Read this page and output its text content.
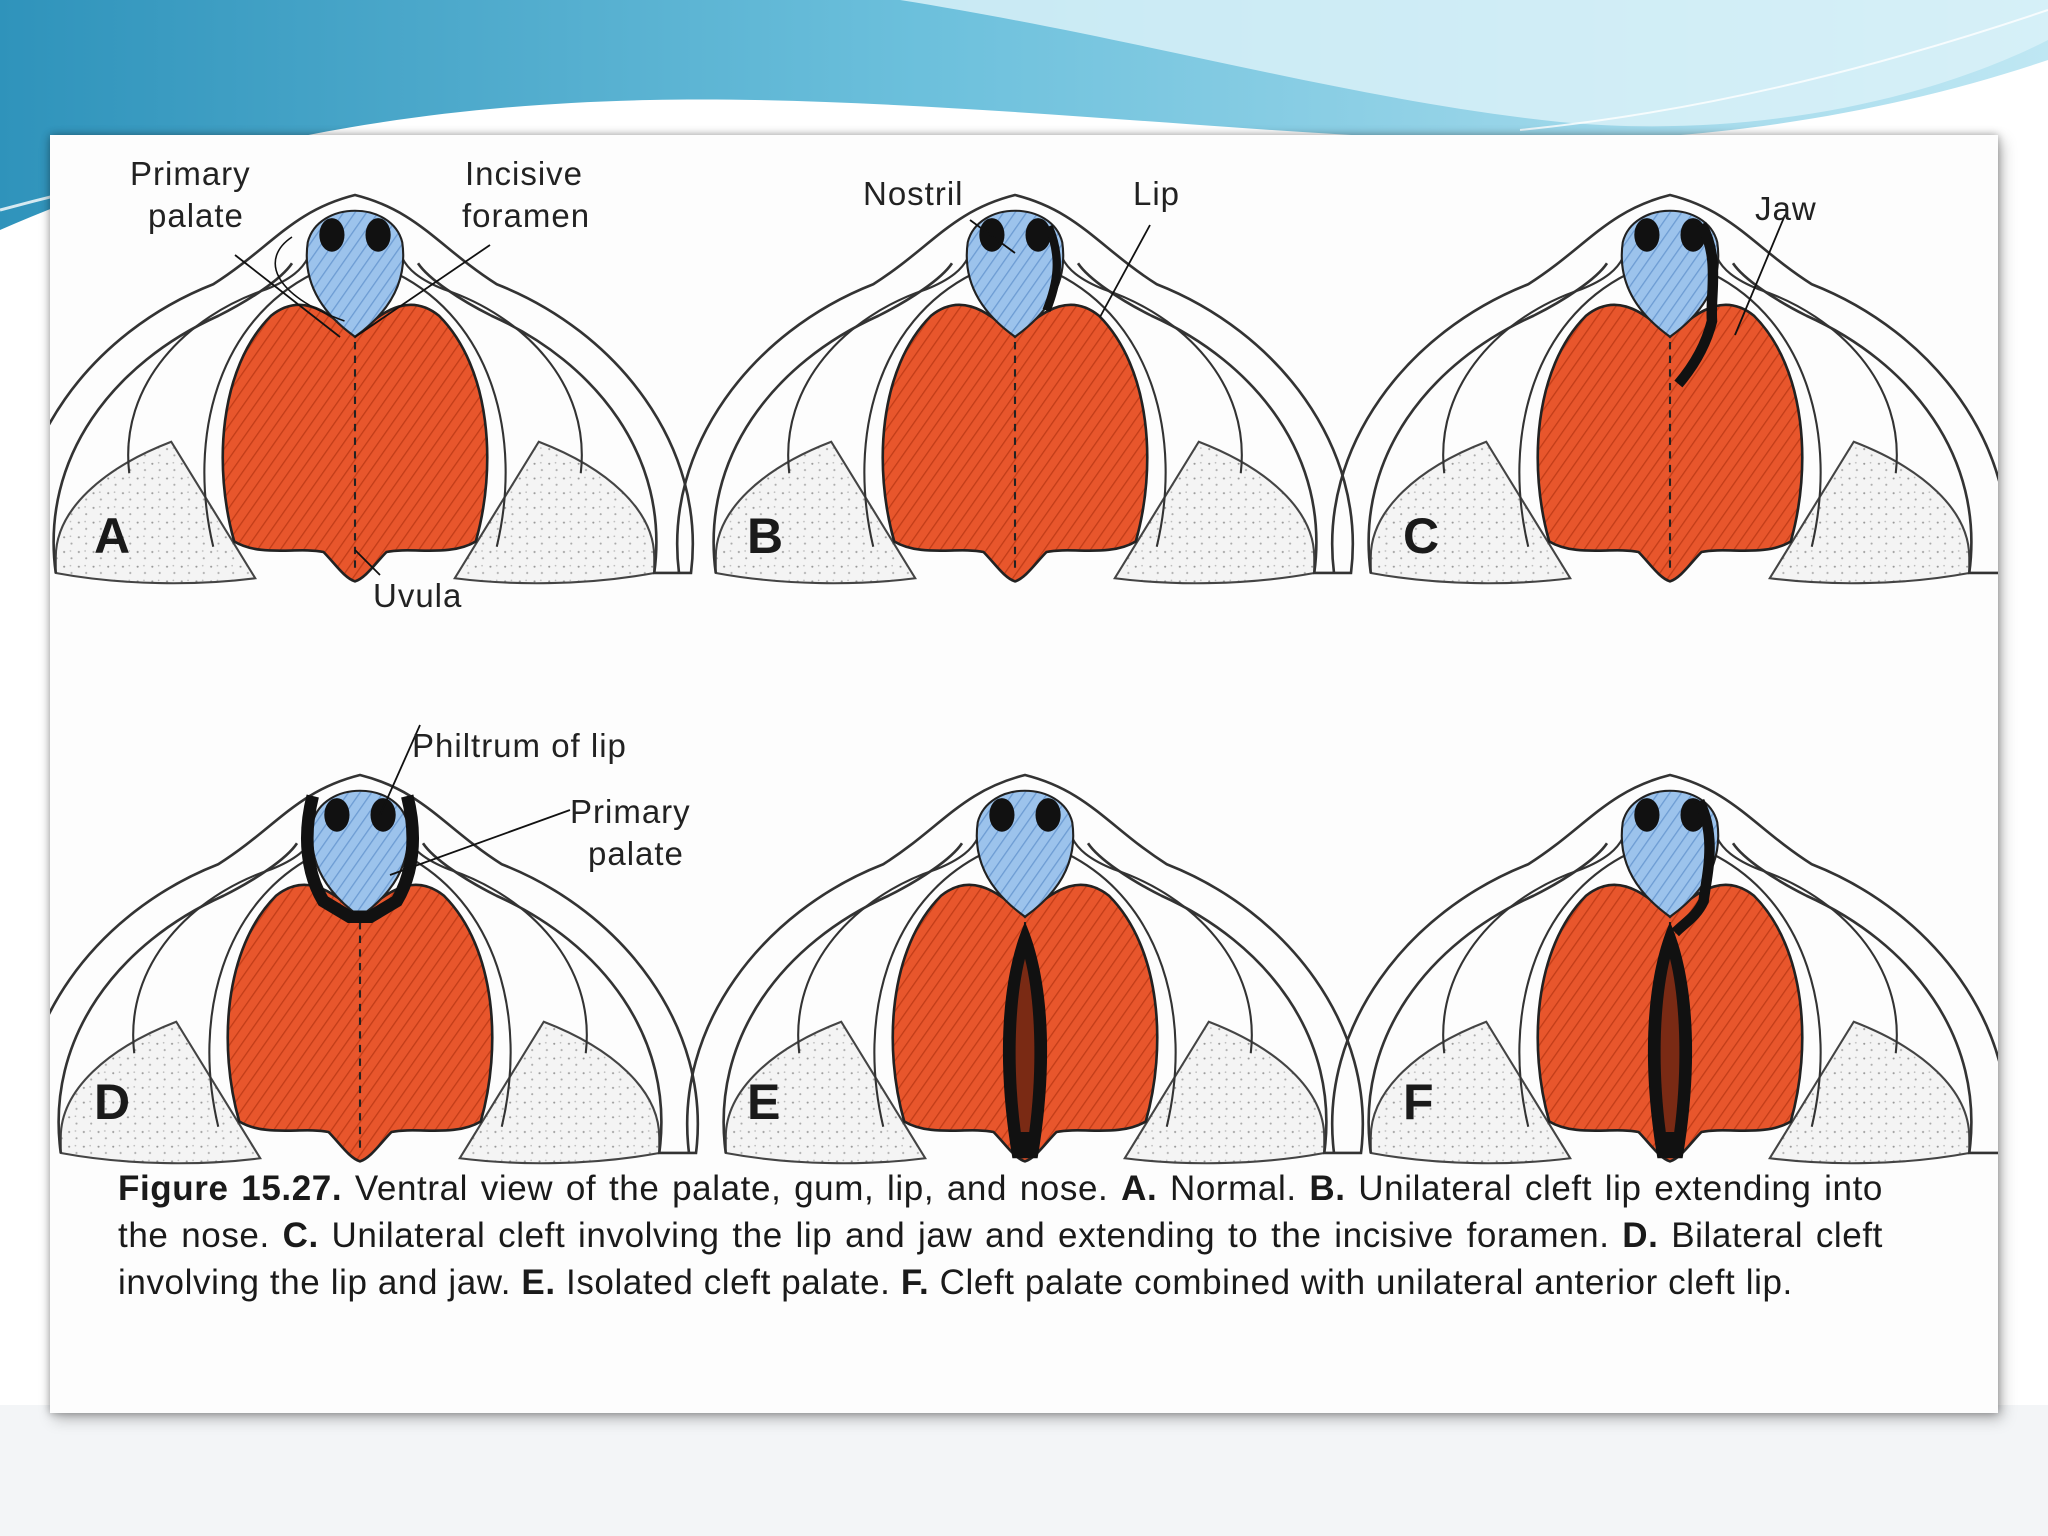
A	B	C
D	E	F
Primary
palate
Incisive
foramen
Uvula
Nostril	Lip	Jaw
Philtrum of lip
Primary
palate
Figure 15.27. Ventral view of the palate, gum, lip, and nose. A. Normal. B. Unilateral cleft lip extending into the nose. C. Unilateral cleft involving the lip and jaw and extending to the incisive foramen. D. Bilateral cleft involving the lip and jaw. E. Isolated cleft palate. F. Cleft palate combined with unilateral anterior cleft lip.
